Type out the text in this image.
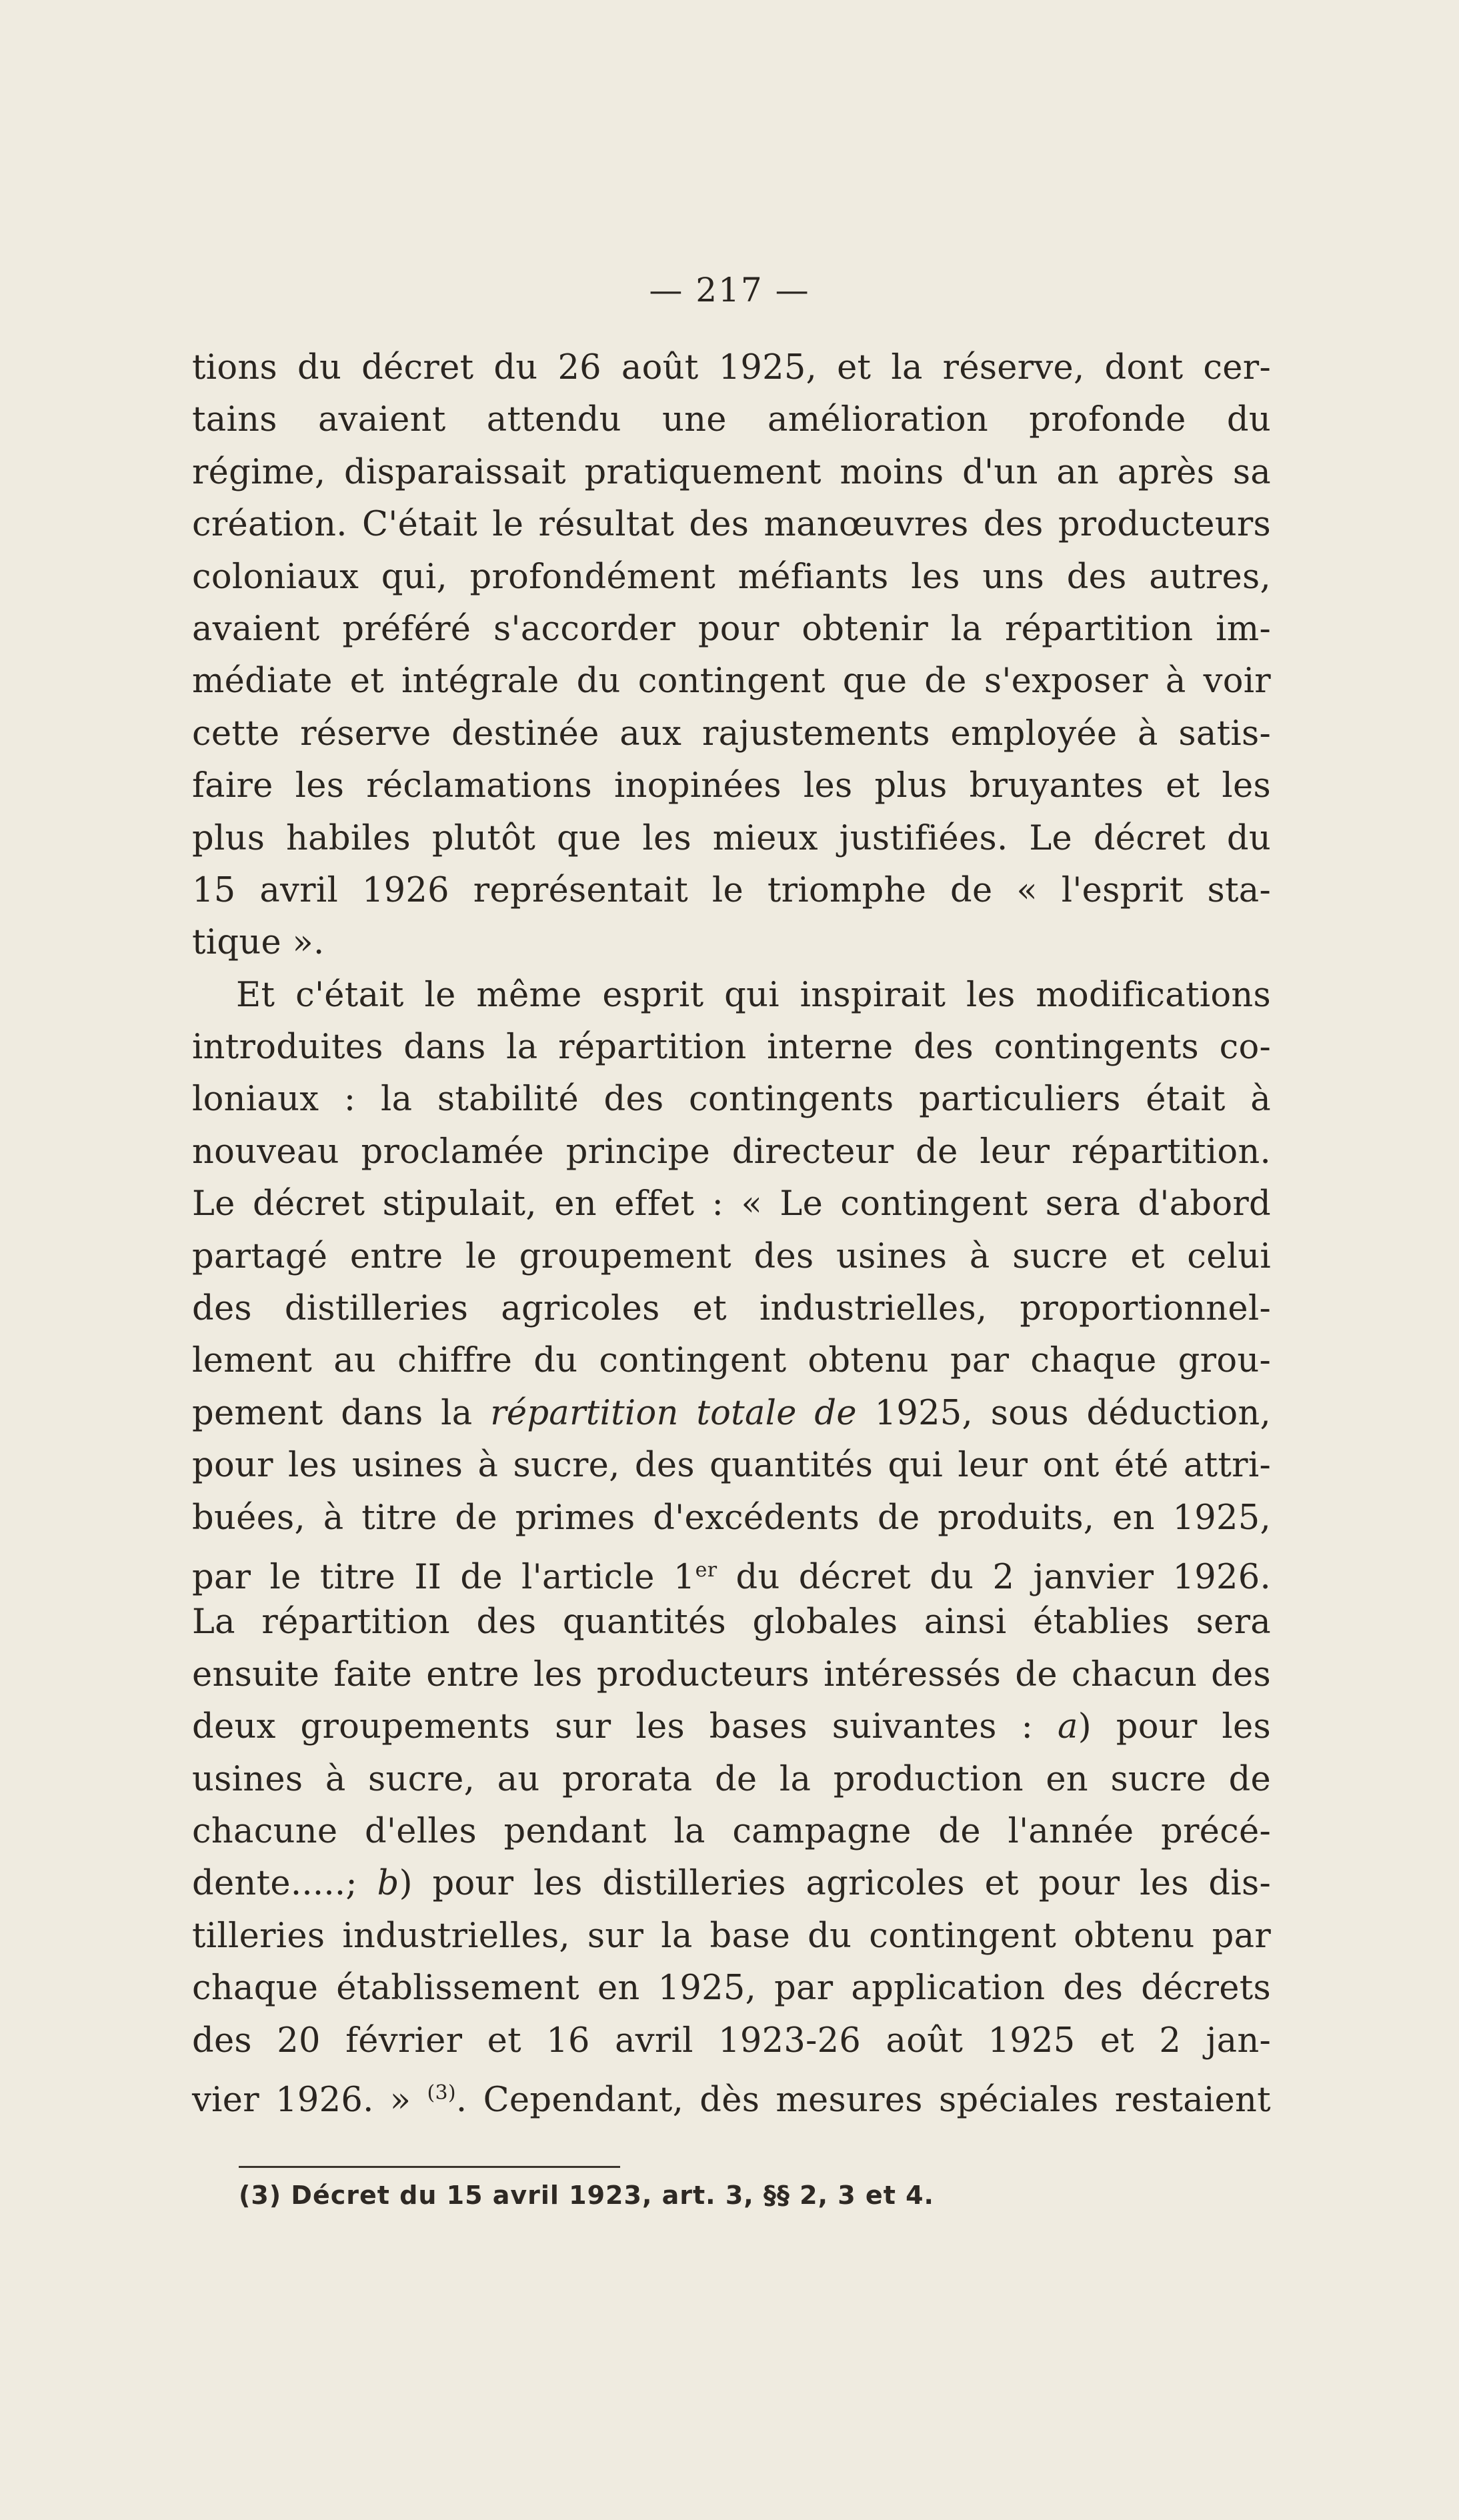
— 217 —
tions du décret du 26 août 1925, et la réserve, dont cer-
tains avaient attendu une amélioration profonde du
régime, disparaissait pratiquement moins d'un an après sa
création. C'était le résultat des manœuvres des producteurs
coloniaux qui, profondément méfiants les uns des autres,
avaient préféré s'accorder pour obtenir la répartition im-
médiate et intégrale du contingent que de s'exposer à voir
cette réserve destinée aux rajustements employée à satis-
faire les réclamations inopinées les plus bruyantes et les
plus habiles plutôt que les mieux justifiées. Le décret du
15 avril 1926 représentait le triomphe de « l'esprit sta-
tique ».
Et c'était le même esprit qui inspirait les modifications
introduites dans la répartition interne des contingents co-
loniaux : la stabilité des contingents particuliers était à
nouveau proclamée principe directeur de leur répartition.
Le décret stipulait, en effet : « Le contingent sera d'abord
partagé entre le groupement des usines à sucre et celui
des distilleries agricoles et industrielles, proportionnel-
lement au chiffre du contingent obtenu par chaque grou-
pement dans la répartition totale de 1925, sous déduction,
pour les usines à sucre, des quantités qui leur ont été attri-
buées, à titre de primes d'excédents de produits, en 1925,
par le titre II de l'article 1er du décret du 2 janvier 1926.
La répartition des quantités globales ainsi établies sera
ensuite faite entre les producteurs intéressés de chacun des
deux groupements sur les bases suivantes : a) pour les
usines à sucre, au prorata de la production en sucre de
chacune d'elles pendant la campagne de l'année précé-
dente.....; b) pour les distilleries agricoles et pour les dis-
tilleries industrielles, sur la base du contingent obtenu par
chaque établissement en 1925, par application des décrets
des 20 février et 16 avril 1923-26 août 1925 et 2 jan-
vier 1926. » $^{(3)}$. Cependant, dès mesures spéciales restaient
(3) Décret du 15 avril 1923, art. 3, §§ 2, 3 et 4.
